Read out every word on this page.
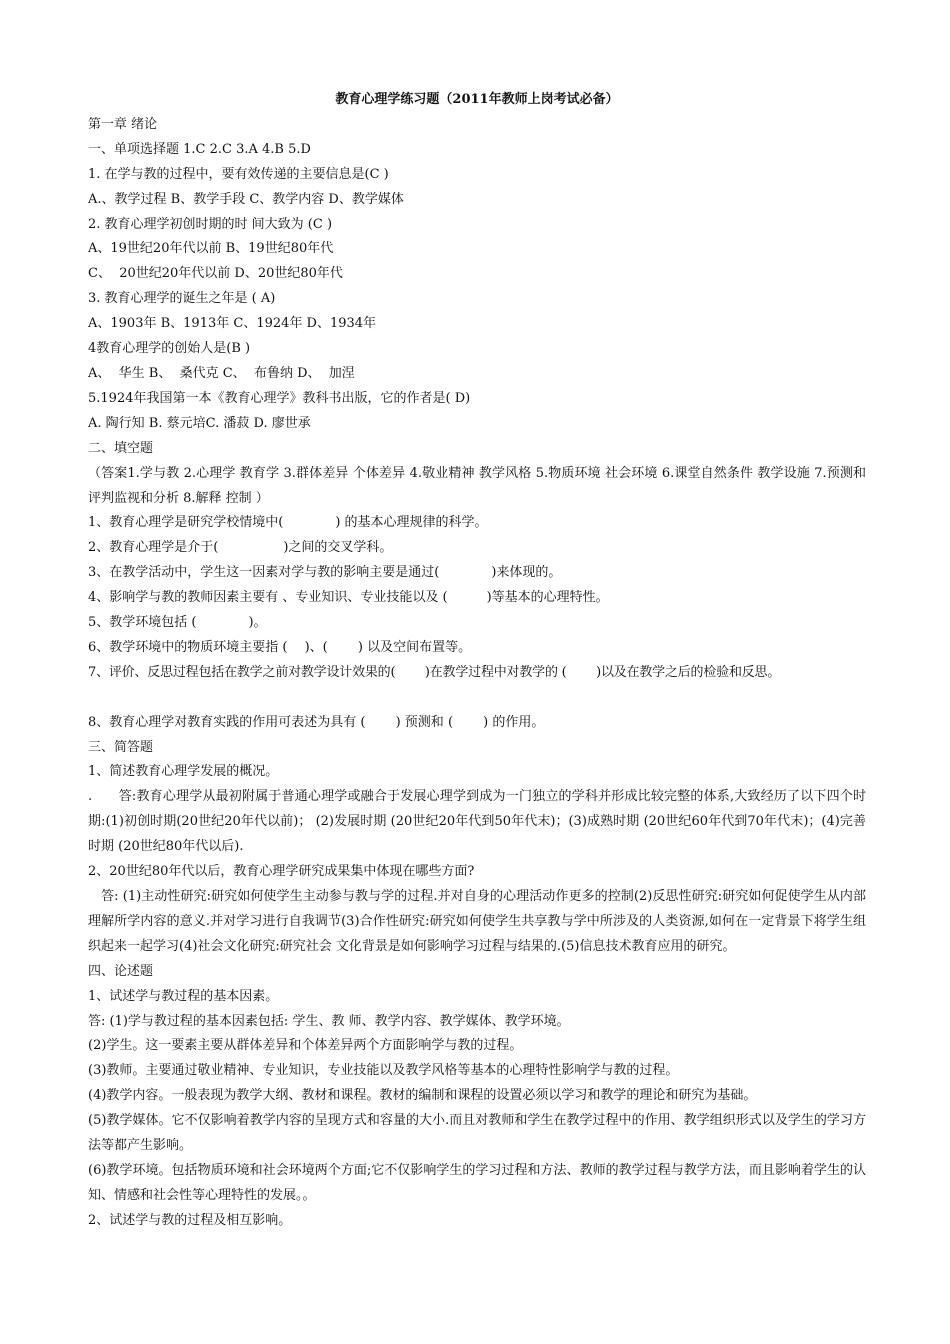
教育心理学练习题（2011年教师上岗考试必备）

第一章 绪论

一、单项选择题 1.C 2.C 3.A 4.B 5.D

1. 在学与教的过程中，要有效传递的主要信息是(C )

A.、教学过程 B、教学手段 C、教学内容 D、教学媒体

2. 教育心理学初创时期的时 间大致为 (C )

A、19世纪20年代以前 B、19世纪80年代

C、  20世纪20年代以前 D、20世纪80年代

3. 教育心理学的诞生之年是 ( A)

A、1903年 B、1913年 C、1924年 D、1934年

4教育心理学的创始人是(B )

A、  华生 B、  桑代克 C、  布鲁纳 D、  加涅

5.1924年我国第一本《教育心理学》教科书出版，它的作者是( D)

A. 陶行知 B. 蔡元培C. 潘菽 D. 廖世承

二、填空题

（答案1.学与教 2.心理学 教育学 3.群体差异 个体差异 4.敬业精神 教学风格 5.物质环境 社会环境 6.课堂自然条件 教学设施 7.预测和评判监视和分析 8.解释 控制 ）

1、教育心理学是研究学校情境中(　　　　) 的基本心理规律的科学。

2、教育心理学是介于(　　　　　)之间的交叉学科。

3、在教学活动中，学生这一因素对学与教的影响主要是通过(　　　　)来体现的。

4、影响学与教的教师因素主要有 、专业知识、专业技能以及 (　　　)等基本的心理特性。

5、教学环境包括 (　　　　)。

6、教学环境中的物质环境主要指 (　 )、(　　 ) 以及空间布置等。

7、评价、反思过程包括在教学之前对教学设计效果的(　　 )在教学过程中对教学的 (　　 )以及在教学之后的检验和反思。

8、教育心理学对教育实践的作用可表述为具有 (　　 ) 预测和 (　　 ) 的作用。

三、简答题

1、简述教育心理学发展的概况。

.　　答:教育心理学从最初附属于普通心理学或融合于发展心理学到成为一门独立的学科并形成比较完整的体系,大致经历了以下四个时期:(1)初创时期(20世纪20年代以前)； (2)发展时期 (20世纪20年代到50年代末)；(3)成熟时期 (20世纪60年代到70年代末)；(4)完善时期 (20世纪80年代以后).

2、20世纪80年代以后，教育心理学研究成果集中体现在哪些方面?

　答: (1)主动性研究:研究如何使学生主动参与教与学的过程.并对自身的心理活动作更多的控制(2)反思性研究:研究如何促使学生从内部理解所学内容的意义.并对学习进行自我调节(3)合作性研究:研究如何使学生共享教与学中所涉及的人类资源,如何在一定背景下将学生组 织起来一起学习(4)社会文化研究:研究社会 文化背景是如何影响学习过程与结果的.(5)信息技术教育应用的研究。

四、论述题

1、试述学与教过程的基本因素。

答: (1)学与教过程的基本因素包括: 学生、教 师、教学内容、教学媒体、教学环境。

(2)学生。这一要素主要从群体差异和个体差异两个方面影响学与教的过程。

(3)教师。主要通过敬业精神、专业知识，专业技能以及教学风格等基本的心理特性影响学与教的过程。

(4)教学内容。一般表现为教学大纲、教材和课程。教材的编制和课程的设置必须以学习和教学的理论和研究为基础。

(5)教学媒体。它不仅影响着教学内容的呈现方式和容量的大小.而且对教师和学生在教学过程中的作用、教学组织形式以及学生的学习方法等都产生影响。

(6)教学环境。包括物质环境和社会环境两个方面;它不仅影响学生的学习过程和方法、教师的教学过程与教学方法，而且影响着学生的认知、情感和社会性等心理特性的发展。。

2、试述学与教的过程及相互影响。
